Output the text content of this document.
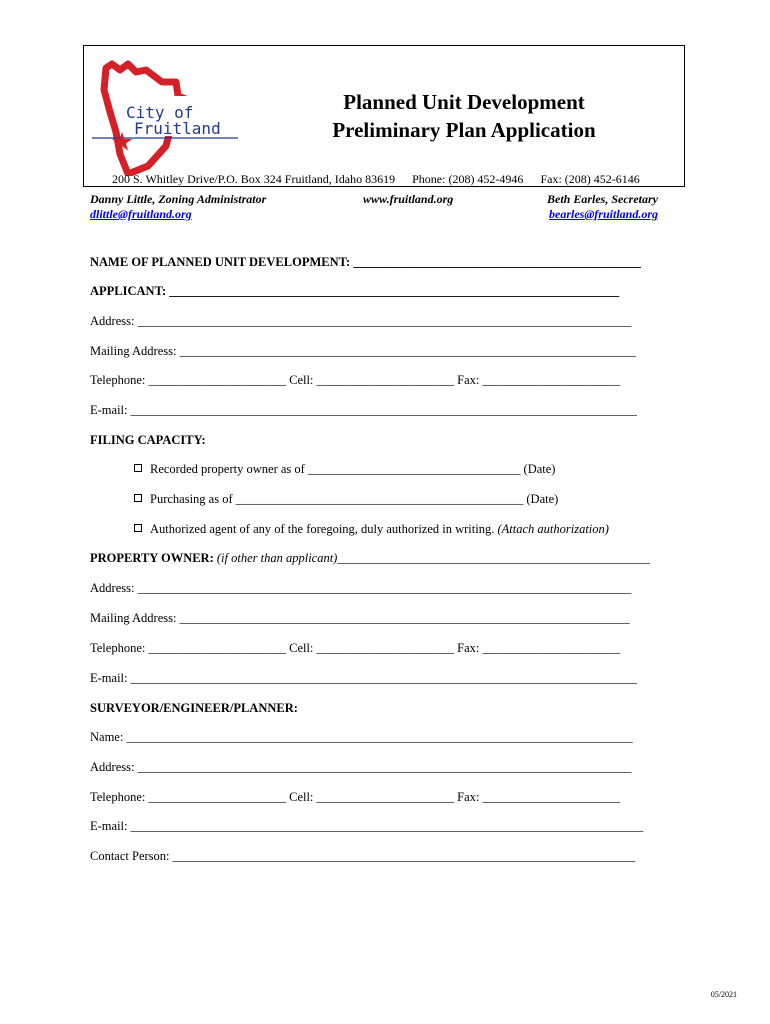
City of
Fruitland
Planned Unit Development
Preliminary Plan Application
200 S. Whitley Drive/P.O. Box 324 Fruitland, Idaho 83619 Phone: (208) 452-4946 Fax: (208) 452-6146
Danny Little, Zoning Administrator
dlittle@fruitland.org
www.fruitland.org	Beth Earles, Secretary
bearles@fruitland.org
NAME OF PLANNED UNIT DEVELOPMENT: ______________________________________________
APPLICANT: ________________________________________________________________________
Address: _______________________________________________________________________________
Mailing Address: _________________________________________________________________________
Telephone: ______________________ Cell: ______________________ Fax: ______________________
E-mail: _________________________________________________________________________________
FILING CAPACITY:
Recorded property owner as of __________________________________ (Date)
Purchasing as of ______________________________________________ (Date)
Authorized agent of any of the foregoing, duly authorized in writing. (Attach authorization)
PROPERTY OWNER: (if other than applicant)__________________________________________________
Address: _______________________________________________________________________________
Mailing Address: ________________________________________________________________________
Telephone: ______________________ Cell: ______________________ Fax: ______________________
E-mail: _________________________________________________________________________________
SURVEYOR/ENGINEER/PLANNER:
Name: _________________________________________________________________________________
Address: _______________________________________________________________________________
Telephone: ______________________ Cell: ______________________ Fax: ______________________
E-mail: __________________________________________________________________________________
Contact Person: __________________________________________________________________________
05/2021
